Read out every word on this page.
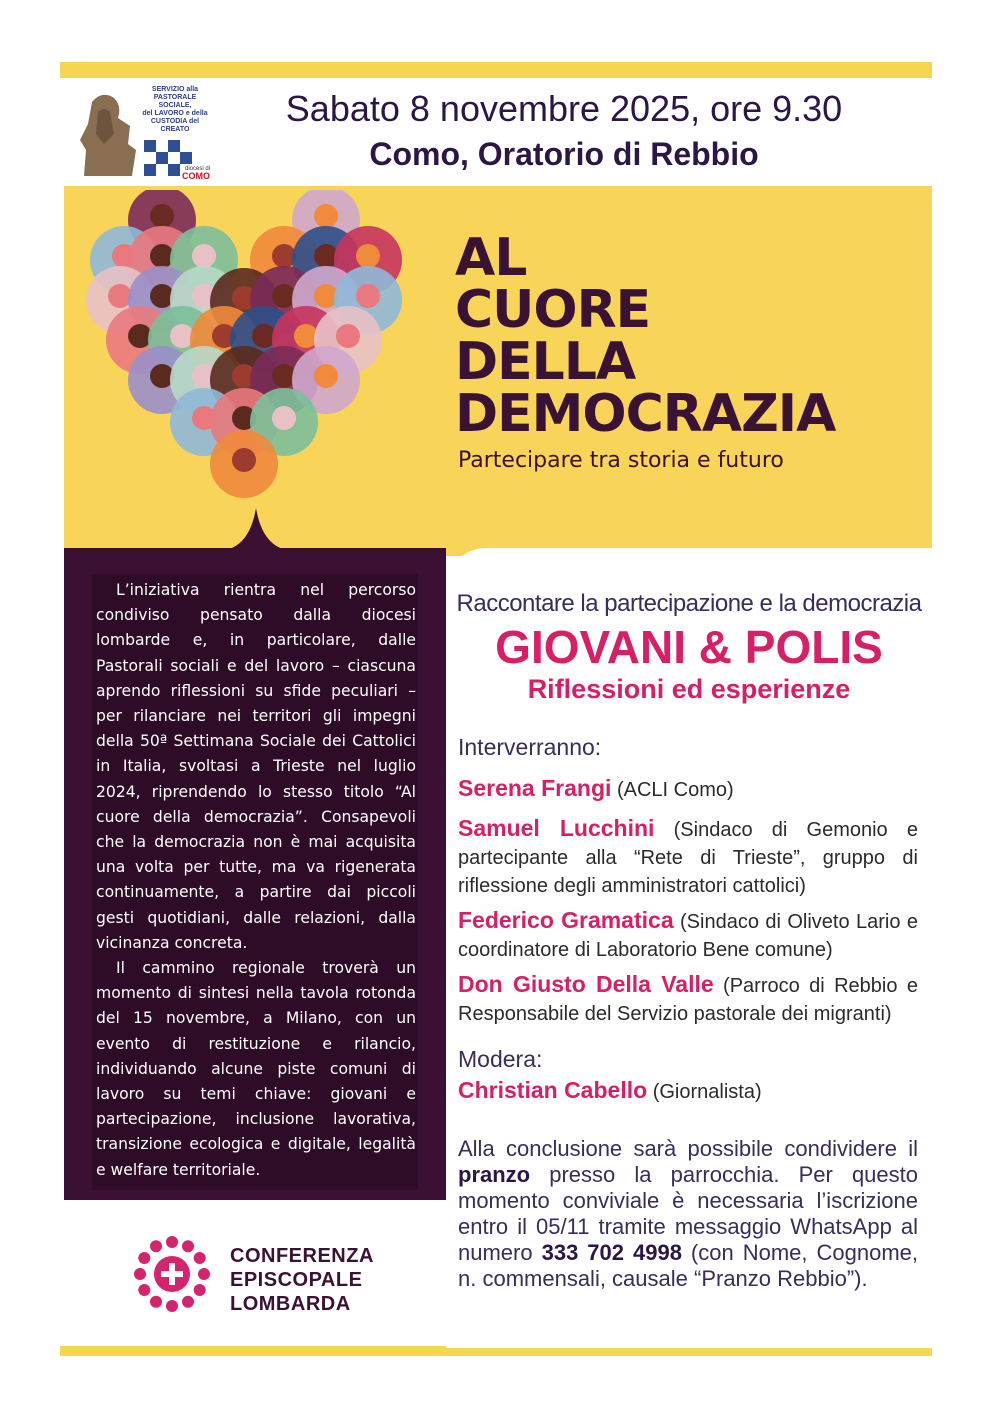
SERVIZIO alla
PASTORALE SOCIALE,
del LAVORO e della
CUSTODIA del CREATO
diocesi di
COMO
Sabato 8 novembre 2025, ore 9.30
Como, Oratorio di Rebbio
AL
CUORE
DELLA
DEMOCRAZIA
Partecipare tra storia e futuro

L’iniziativa rientra nel percorso condiviso pensato dalla diocesi lombarde e, in particolare, dalle Pastorali sociali e del lavoro – ciascuna aprendo riflessioni su sfide peculiari – per rilanciare nei territori gli impegni della 50ª Settimana Sociale dei Cattolici in Italia, svoltasi a Trieste nel luglio 2024, riprendendo lo stesso titolo “Al cuore della democrazia”. Consapevoli che la democrazia non è mai acquisita una volta per tutte, ma va rigenerata continuamente, a partire dai piccoli gesti quotidiani, dalle relazioni, dalla vicinanza concreta.

Il cammino regionale troverà un momento di sintesi nella tavola rotonda del 15 novembre, a Milano, con un evento di restituzione e rilancio, individuando alcune piste comuni di lavoro su temi chiave: giovani e partecipazione, inclusione lavorativa, transizione ecologica e digitale, legalità e welfare territoriale.

Raccontare la partecipazione e la democrazia
GIOVANI & POLIS
Riflessioni ed esperienze
Interverranno:
Serena Frangi (ACLI Como)
Samuel Lucchini (Sindaco di Gemonio e partecipante alla “Rete di Trieste”, gruppo di riflessione degli amministratori cattolici)
Federico Gramatica (Sindaco di Oliveto Lario e coordinatore di Laboratorio Bene comune)
Don Giusto Della Valle (Parroco di Rebbio e Responsabile del Servizio pastorale dei migranti)
Modera:
Christian Cabello (Giornalista)
Alla conclusione sarà possibile condividere il pranzo presso la parrocchia. Per questo momento conviviale è necessaria l’iscrizione entro il 05/11 tramite messaggio WhatsApp al numero 333 702 4998 (con Nome, Cognome, n. commensali, causale “Pranzo Rebbio”).
CONFERENZA
EPISCOPALE
LOMBARDA
